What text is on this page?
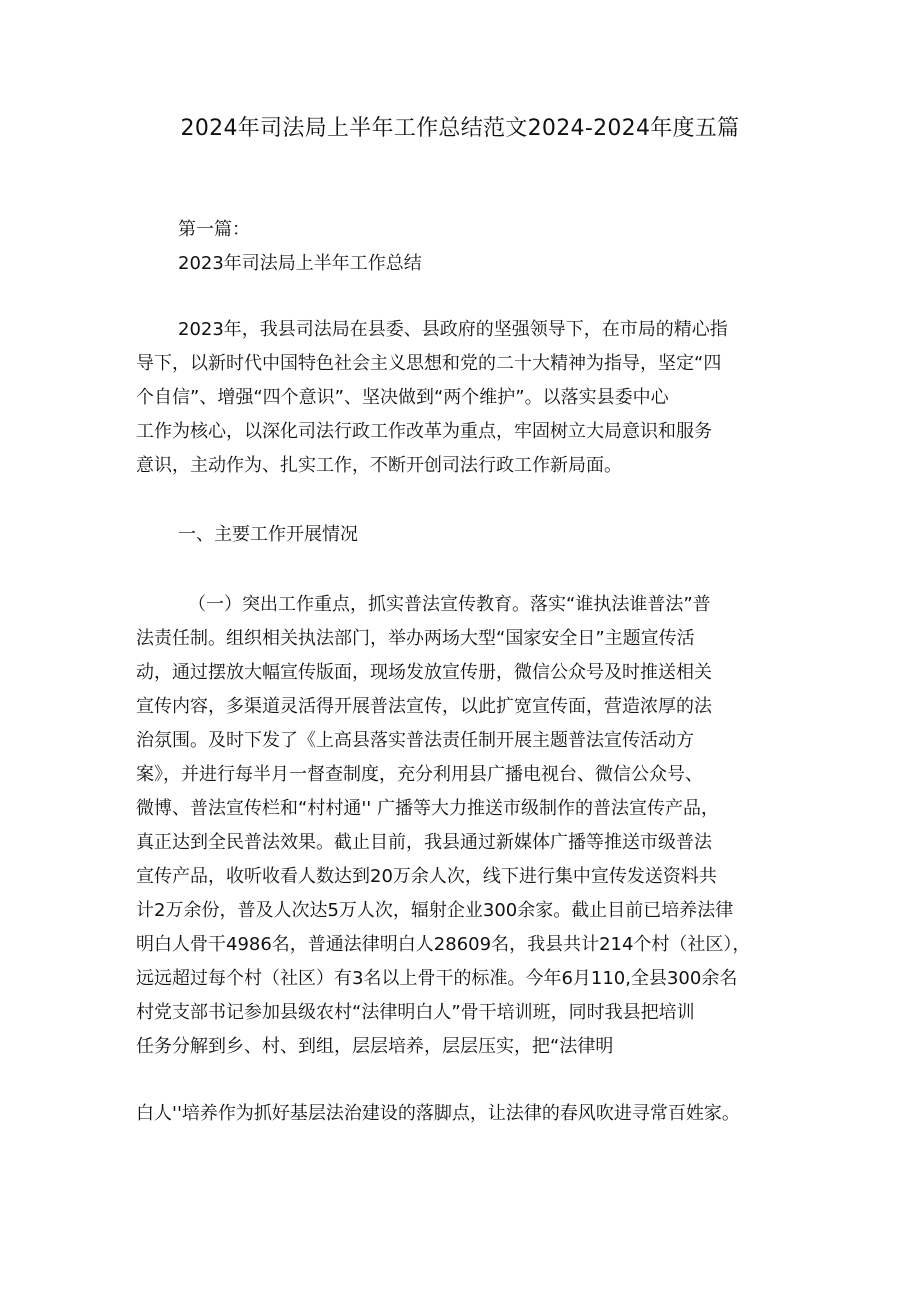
2024年司法局上半年工作总结范文2024-2024年度五篇
第一篇：
2023年司法局上半年工作总结
2023年，我县司法局在县委、县政府的坚强领导下，在市局的精心指
导下，以新时代中国特色社会主义思想和党的二十大精神为指导，坚定“四
个自信”、增强“四个意识”、坚决做到“两个维护”。以落实县委中心
工作为核心，以深化司法行政工作改革为重点，牢固树立大局意识和服务
意识，主动作为、扎实工作，不断开创司法行政工作新局面。
一、主要工作开展情况
（一）突出工作重点，抓实普法宣传教育。落实“谁执法谁普法”普
法责任制。组织相关执法部门，举办两场大型“国家安全日”主题宣传活
动，通过摆放大幅宣传版面，现场发放宣传册，微信公众号及时推送相关
宣传内容，多渠道灵活得开展普法宣传，以此扩宽宣传面，营造浓厚的法
治氛围。及时下发了《上高县落实普法责任制开展主题普法宣传活动方
案》，并进行每半月一督查制度，充分利用县广播电视台、微信公众号、
微博、普法宣传栏和“村村通'' 广播等大力推送市级制作的普法宣传产品，
真正达到全民普法效果。截止目前，我县通过新媒体广播等推送市级普法
宣传产品，收听收看人数达到20万余人次，线下进行集中宣传发送资料共
计2万余份，普及人次达5万人次，辐射企业300余家。截止目前已培养法律
明白人骨干4986名，普通法律明白人28609名，我县共计214个村（社区），
远远超过每个村（社区）有3名以上骨干的标准。今年6月110,全县300余名
村党支部书记参加县级农村“法律明白人”骨干培训班，同时我县把培训
任务分解到乡、村、到组，层层培养，层层压实，把“法律明
白人''培养作为抓好基层法治建设的落脚点，让法律的春风吹进寻常百姓家。
